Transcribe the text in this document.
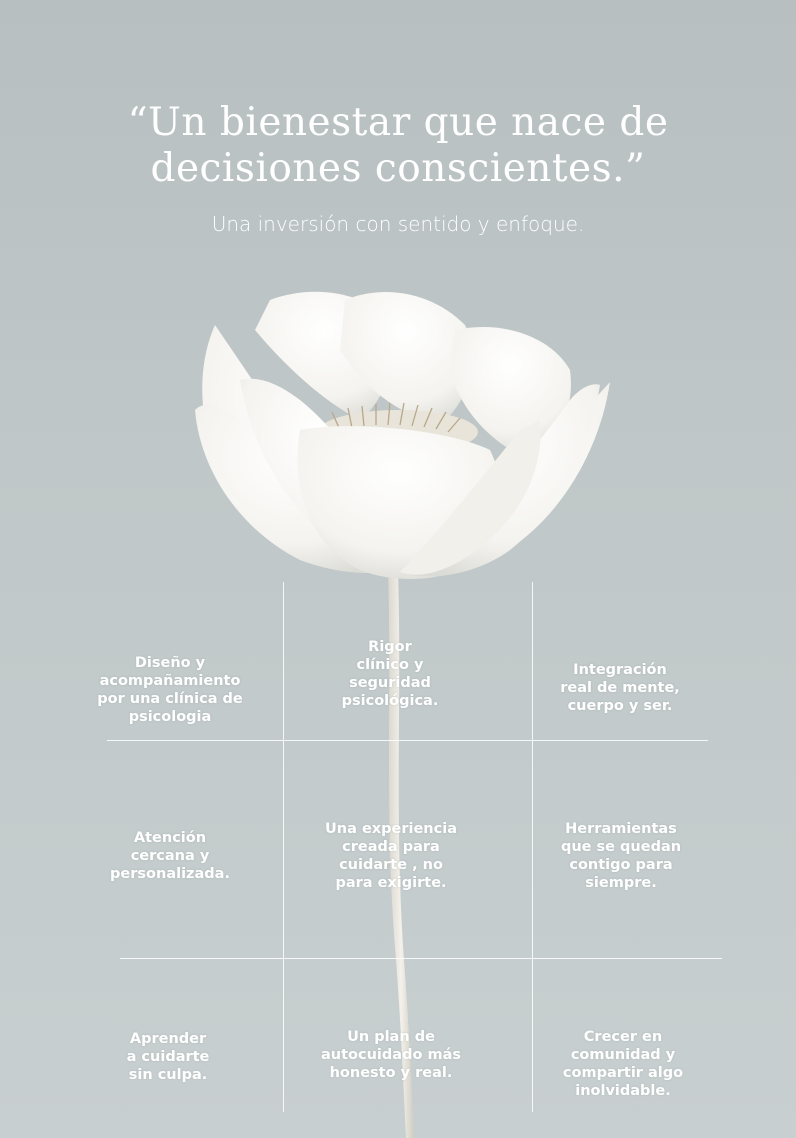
“Un bienestar que nace de
decisiones conscientes.”
Una inversión con sentido y enfoque.
Diseño y
acompañamiento
por una clínica de
psicologia
Rigor
clínico y
seguridad
psicológica.
Integración
real de mente,
cuerpo y ser.
Atención
cercana y
personalizada.
Una experiencia
creada para
cuidarte , no
para exigirte.
Herramientas
que se quedan
contigo para
siempre.
Aprender
a cuidarte
sin culpa.
Un plan de
autocuidado más
honesto y real.
Crecer en
comunidad y
compartir algo
inolvidable.
